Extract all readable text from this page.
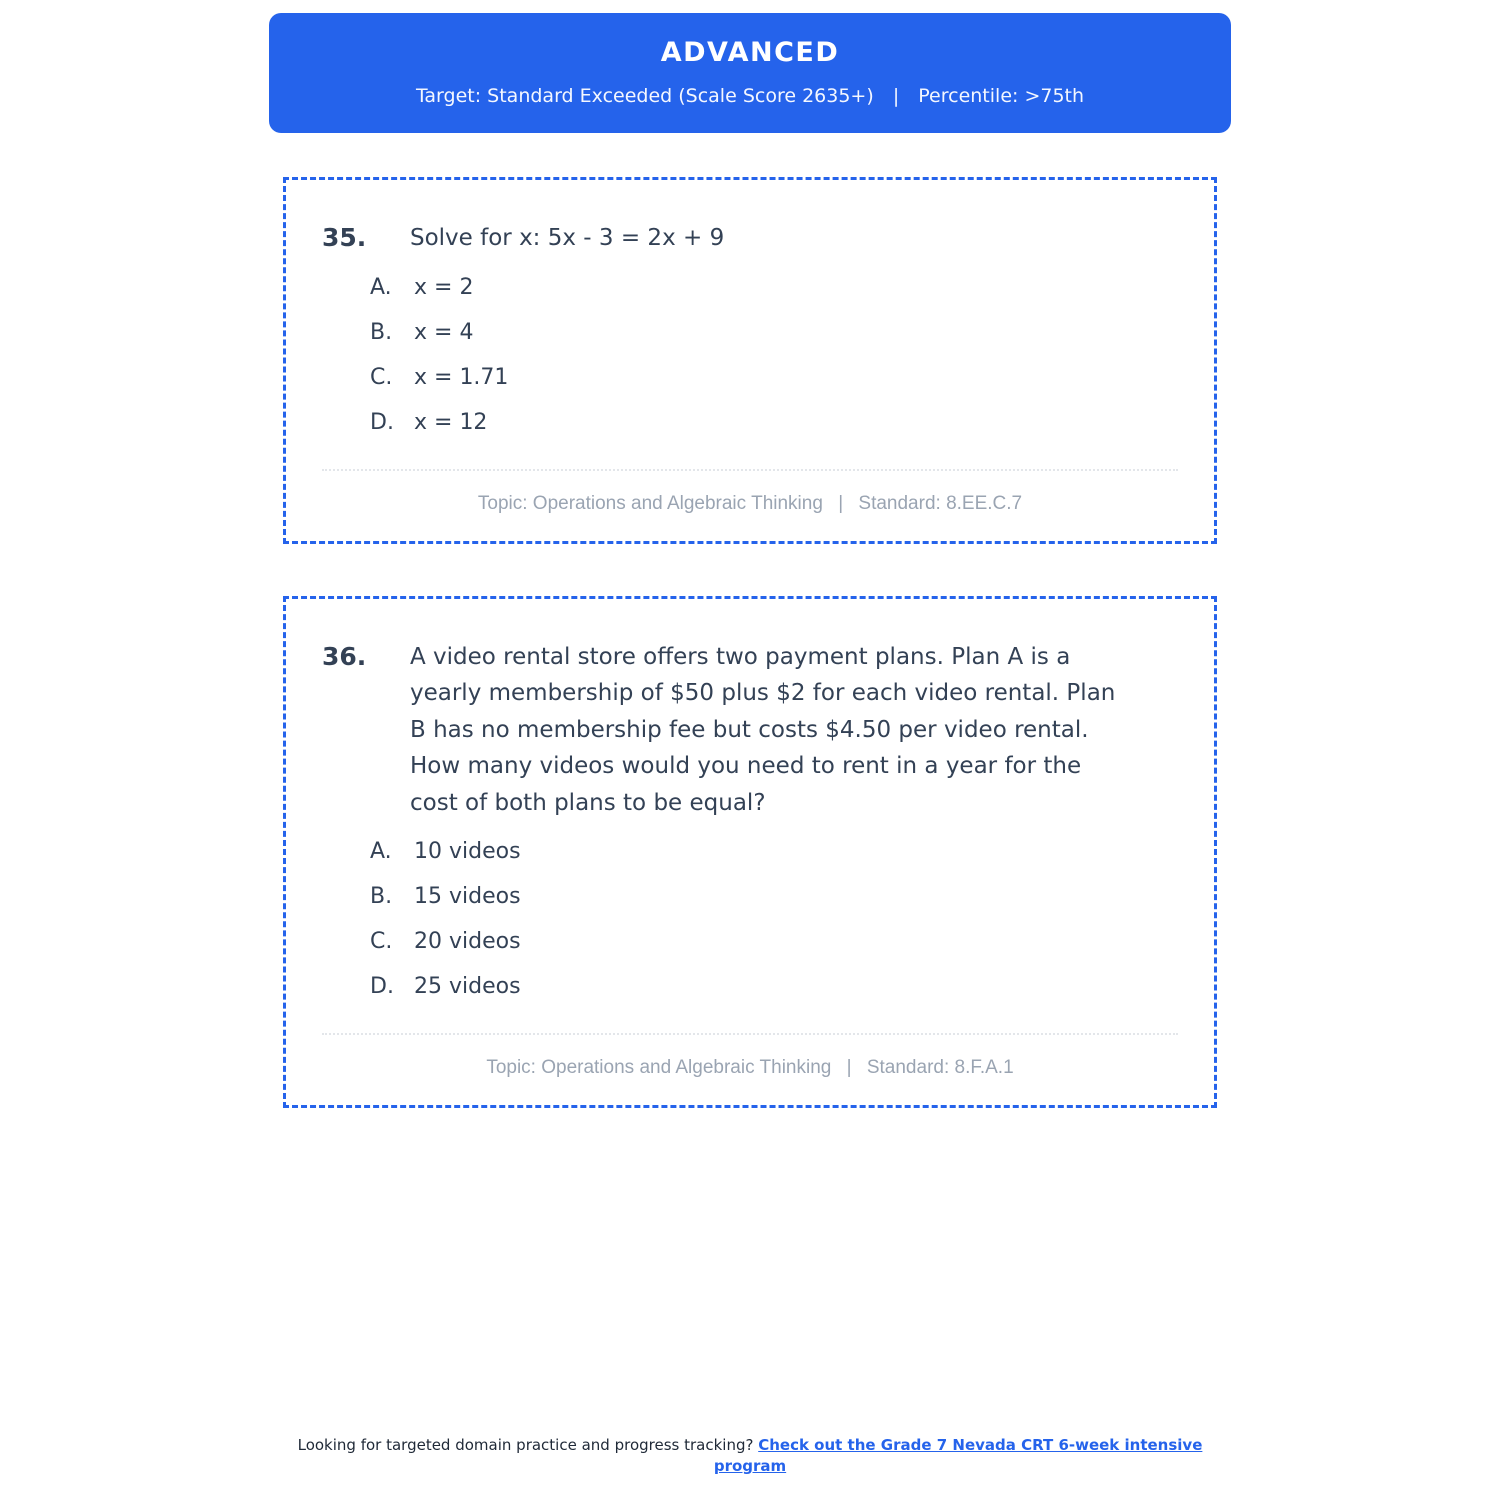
ADVANCED
Target: Standard Exceeded (Scale Score 2635+) | Percentile: >75th
35.	Solve for x: 5x - 3 = 2x + 9
A.	x = 2
B. x = 4
C. x = 1.71
D. x = 12
Topic: Operations and Algebraic Thinking | Standard: 8.EE.C.7
36.	A video rental store offers two payment plans. Plan A is a yearly membership of $50 plus $2 for each video rental. Plan B has no membership fee but costs $4.50 per video rental. How many videos would you need to rent in a year for the cost of both plans to be equal?
A.	10 videos
B. 15 videos
C. 20 videos
D. 25 videos
Topic: Operations and Algebraic Thinking | Standard: 8.F.A.1
Looking for targeted domain practice and progress tracking? Check out the Grade 7 Nevada CRT 6-week intensive program
